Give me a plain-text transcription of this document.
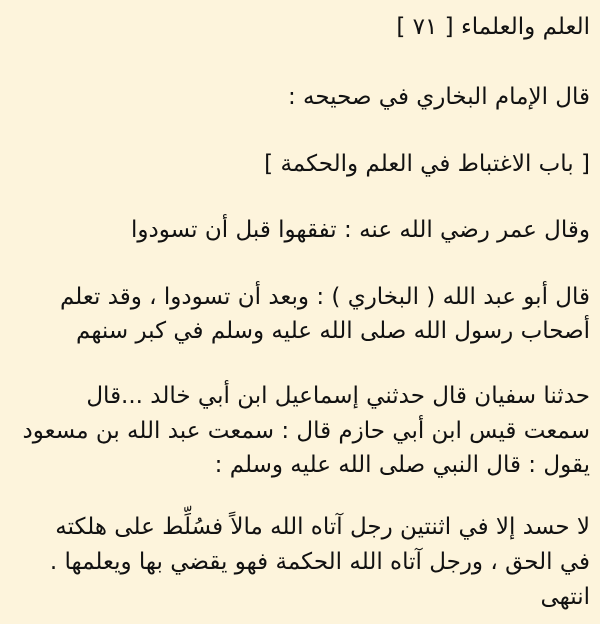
العلم والعلماء [ ٧١ ]
قال الإمام البخاري في صحيحه :
[ باب الاغتباط في العلم والحكمة ]
وقال عمر رضي الله عنه : تفقهوا قبل أن تسودوا
قال أبو عبد الله ( البخاري ) : وبعد أن تسودوا ، وقد تعلم
أصحاب رسول الله صلى الله عليه وسلم في كبر سنهم
حدثنا سفيان قال حدثني إسماعيل ابن أبي خالد ...قال
سمعت قيس ابن أبي حازم قال : سمعت عبد الله بن مسعود
يقول : قال النبي صلى الله عليه وسلم :
لا حسد إلا في اثنتين رجل آتاه الله مالاً فسُلِّط على هلكته
في الحق ، ورجل آتاه الله الحكمة فهو يقضي بها ويعلمها .
انتهى
